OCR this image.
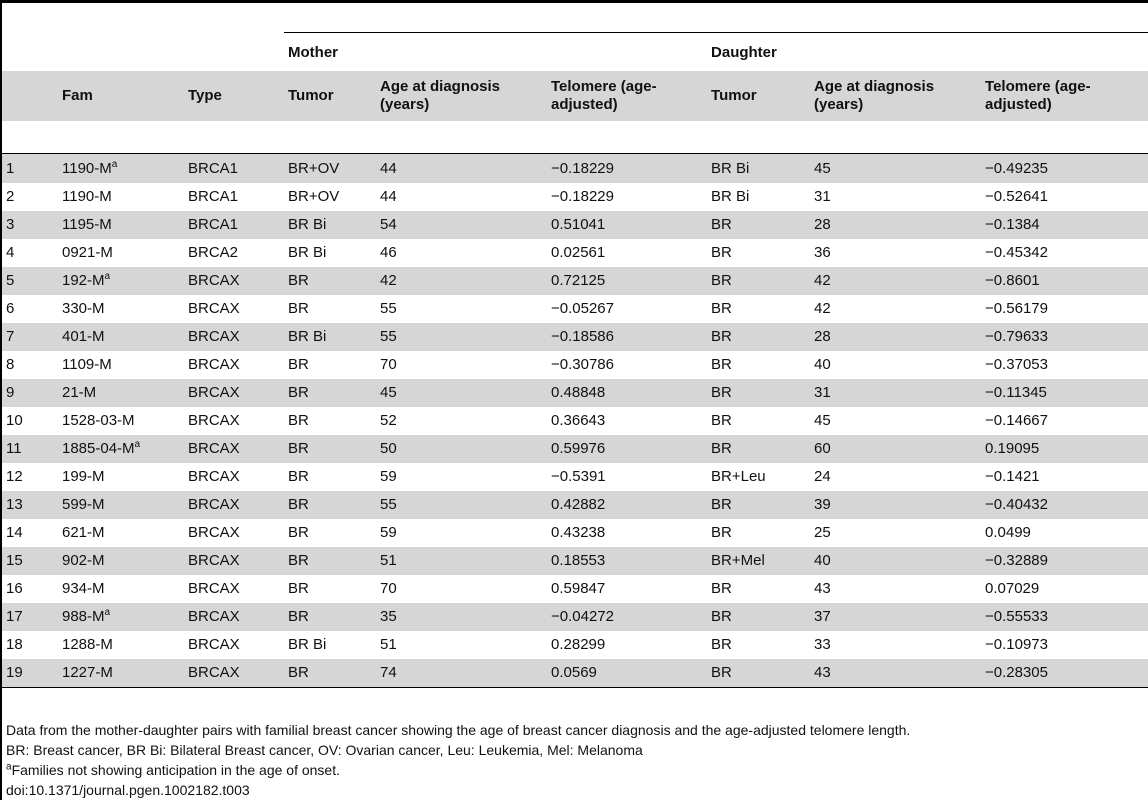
			Mother			Daughter		
	Fam	Type	Tumor	Age at diagnosis (years)	Telomere (age-adjusted)	Tumor	Age at diagnosis (years)	Telomere (age-adjusted)

1	$1190-M^a$	BRCA1	BR+OV	44	−0.18229	BR Bi	45	−0.49235
2	1190-M	BRCA1	BR+OV	44	−0.18229	BR Bi	31	−0.52641
3	1195-M	BRCA1	BR Bi	54	0.51041	BR	28	−0.1384
4	0921-M	BRCA2	BR Bi	46	0.02561	BR	36	−0.45342
5	$192-M^a$	BRCAX	BR	42	0.72125	BR	42	−0.8601
6	330-M	BRCAX	BR	55	−0.05267	BR	42	−0.56179
7	401-M	BRCAX	BR Bi	55	−0.18586	BR	28	−0.79633
8	1109-M	BRCAX	BR	70	−0.30786	BR	40	−0.37053
9	21-M	BRCAX	BR	45	0.48848	BR	31	−0.11345
10	1528-03-M	BRCAX	BR	52	0.36643	BR	45	−0.14667
11	$1885-04-M^a$	BRCAX	BR	50	0.59976	BR	60	0.19095
12	199-M	BRCAX	BR	59	−0.5391	BR+Leu	24	−0.1421
13	599-M	BRCAX	BR	55	0.42882	BR	39	−0.40432
14	621-M	BRCAX	BR	59	0.43238	BR	25	0.0499
15	902-M	BRCAX	BR	51	0.18553	BR+Mel	40	−0.32889
16	934-M	BRCAX	BR	70	0.59847	BR	43	0.07029
17	$988-M^a$	BRCAX	BR	35	−0.04272	BR	37	−0.55533
18	1288-M	BRCAX	BR Bi	51	0.28299	BR	33	−0.10973
19	1227-M	BRCAX	BR	74	0.0569	BR	43	−0.28305
Data from the mother-daughter pairs with familial breast cancer showing the age of breast cancer diagnosis and the age-adjusted telomere length.
BR: Breast cancer, BR Bi: Bilateral Breast cancer, OV: Ovarian cancer, Leu: Leukemia, Mel: Melanoma
$^a$Families not showing anticipation in the age of onset.
doi:10.1371/journal.pgen.1002182.t003
